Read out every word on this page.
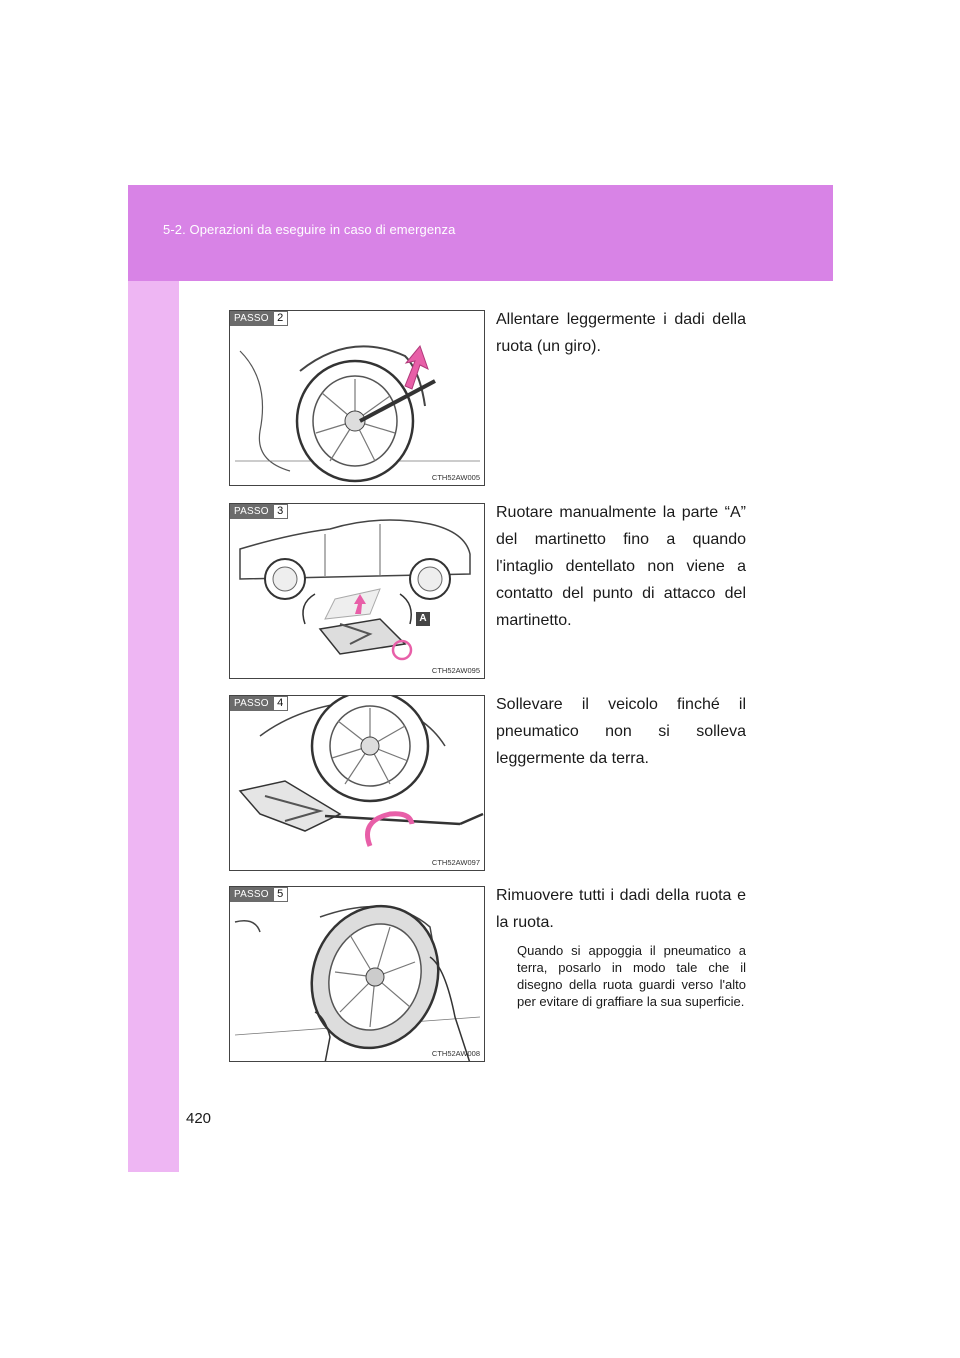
5-2. Operazioni da eseguire in caso di emergenza
420
PASSO 2
CTH52AW005
Allentare leggermente i dadi della ruota (un giro).
PASSO 3
CTH52AW095
A
Ruotare manualmente la parte “A” del martinetto fino a quando l'intaglio dentellato non viene a contatto del punto di attacco del martinetto.
PASSO 4
CTH52AW097
Sollevare il veicolo finché il pneumatico non si solleva leggermente da terra.
PASSO 5
CTH52AW008
Rimuovere tutti i dadi della ruota e la ruota.
Quando si appoggia il pneumatico a terra, posarlo in modo tale che il disegno della ruota guardi verso l'alto per evitare di graffiare la sua superficie.
